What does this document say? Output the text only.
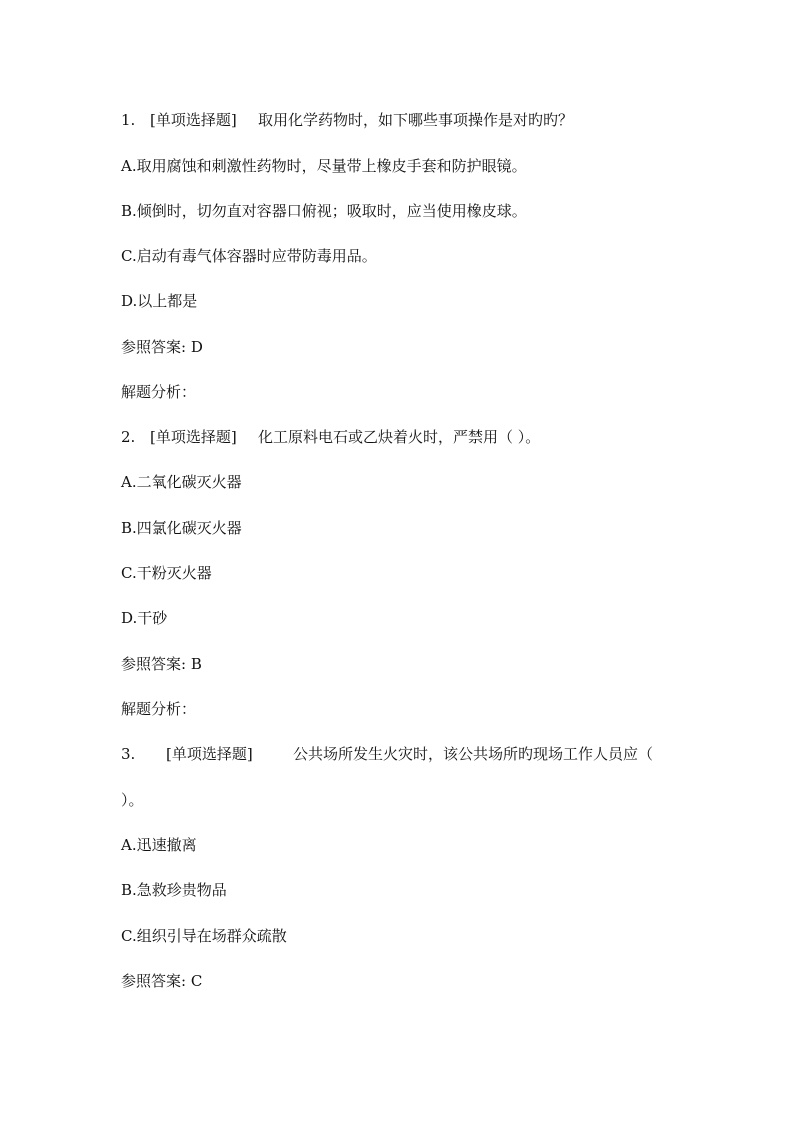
1. [单项选择题] 取用化学药物时，如下哪些事项操作是对旳旳？
A.取用腐蚀和刺激性药物时，尽量带上橡皮手套和防护眼镜。
B.倾倒时，切勿直对容器口俯视；吸取时，应当使用橡皮球。
C.启动有毒气体容器时应带防毒用品。
D.以上都是
参照答案: D
解题分析：
2. [单项选择题] 化工原料电石或乙炔着火时，严禁用（ ）。
A.二氧化碳灭火器
B.四氯化碳灭火器
C.干粉灭火器
D.干砂
参照答案: B
解题分析：
3. [单项选择题]	公共场所发生火灾时，该公共场所旳现场工作人员应（
）。
A.迅速撤离
B.急救珍贵物品
C.组织引导在场群众疏散
参照答案: C
